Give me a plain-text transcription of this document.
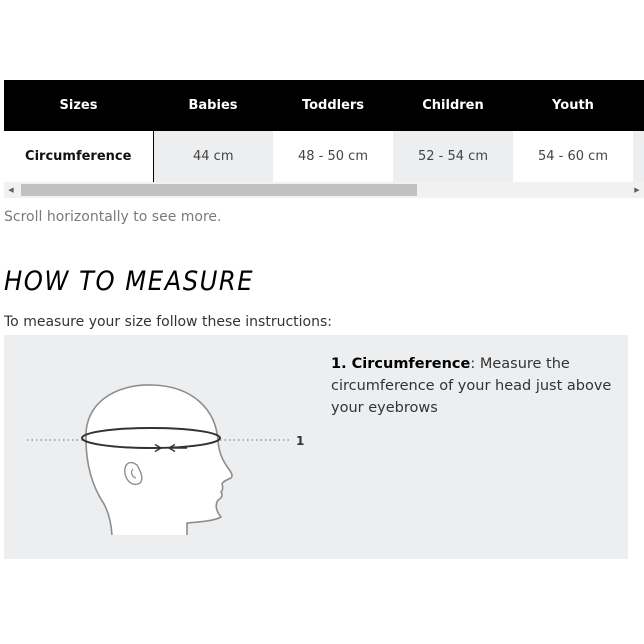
Sizes	Babies	Toddlers	Children	Youth	
Circumference	44 cm	48 - 50 cm	52 - 54 cm	54 - 60 cm	
◀	▶
Scroll horizontally to see more.
HOW TO MEASURE
To measure your size follow these instructions:
1
1. Circumference: Measure the circumference of your head just above your eyebrows
